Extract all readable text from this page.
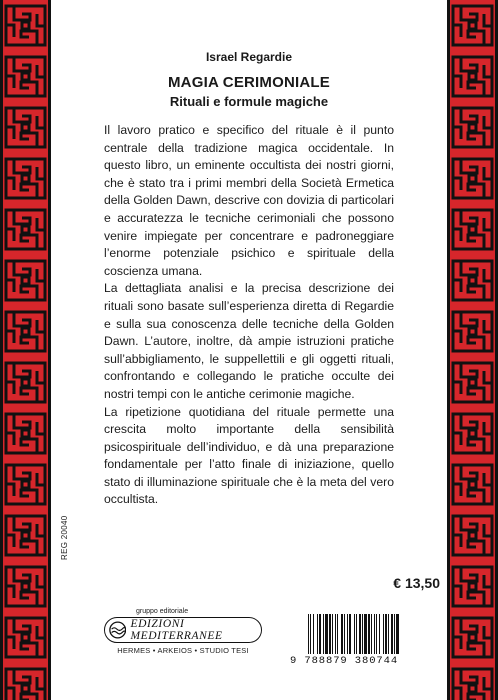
REG 20040
Israel Regardie
MAGIA CERIMONIALE
Rituali e formule magiche

Il lavoro pratico e specifico del rituale è il punto centrale della tradizione magica occidentale. In questo libro, un eminente occultista dei nostri giorni, che è stato tra i primi membri della Società Ermetica della Golden Dawn, descrive con dovizia di particolari e accuratezza le tecniche cerimoniali che possono venire impiegate per concentrare e padroneggiare l’enorme potenziale psichico e spirituale della coscienza umana.

La dettagliata analisi e la precisa descrizione dei rituali sono basate sull’esperienza diretta di Regardie e sulla sua conoscenza delle tecniche della Golden Dawn. L’autore, inoltre, dà ampie istruzioni pratiche sull’abbigliamento, le suppellettili e gli oggetti rituali, confrontando e collegando le pratiche occulte dei nostri tempi con le antiche cerimonie magiche.

La ripetizione quotidiana del rituale permette una crescita molto importante della sensibilità psicospirituale dell’individuo, e dà una preparazione fondamentale per l’atto finale di iniziazione, quello stato di illuminazione spirituale che è la meta del vero occultista.

€ 13,50
gruppo editoriale
EDIZIONI MEDITERRANEE
HERMES • ARKEIOS • STUDIO TESI
9 788879 380744
